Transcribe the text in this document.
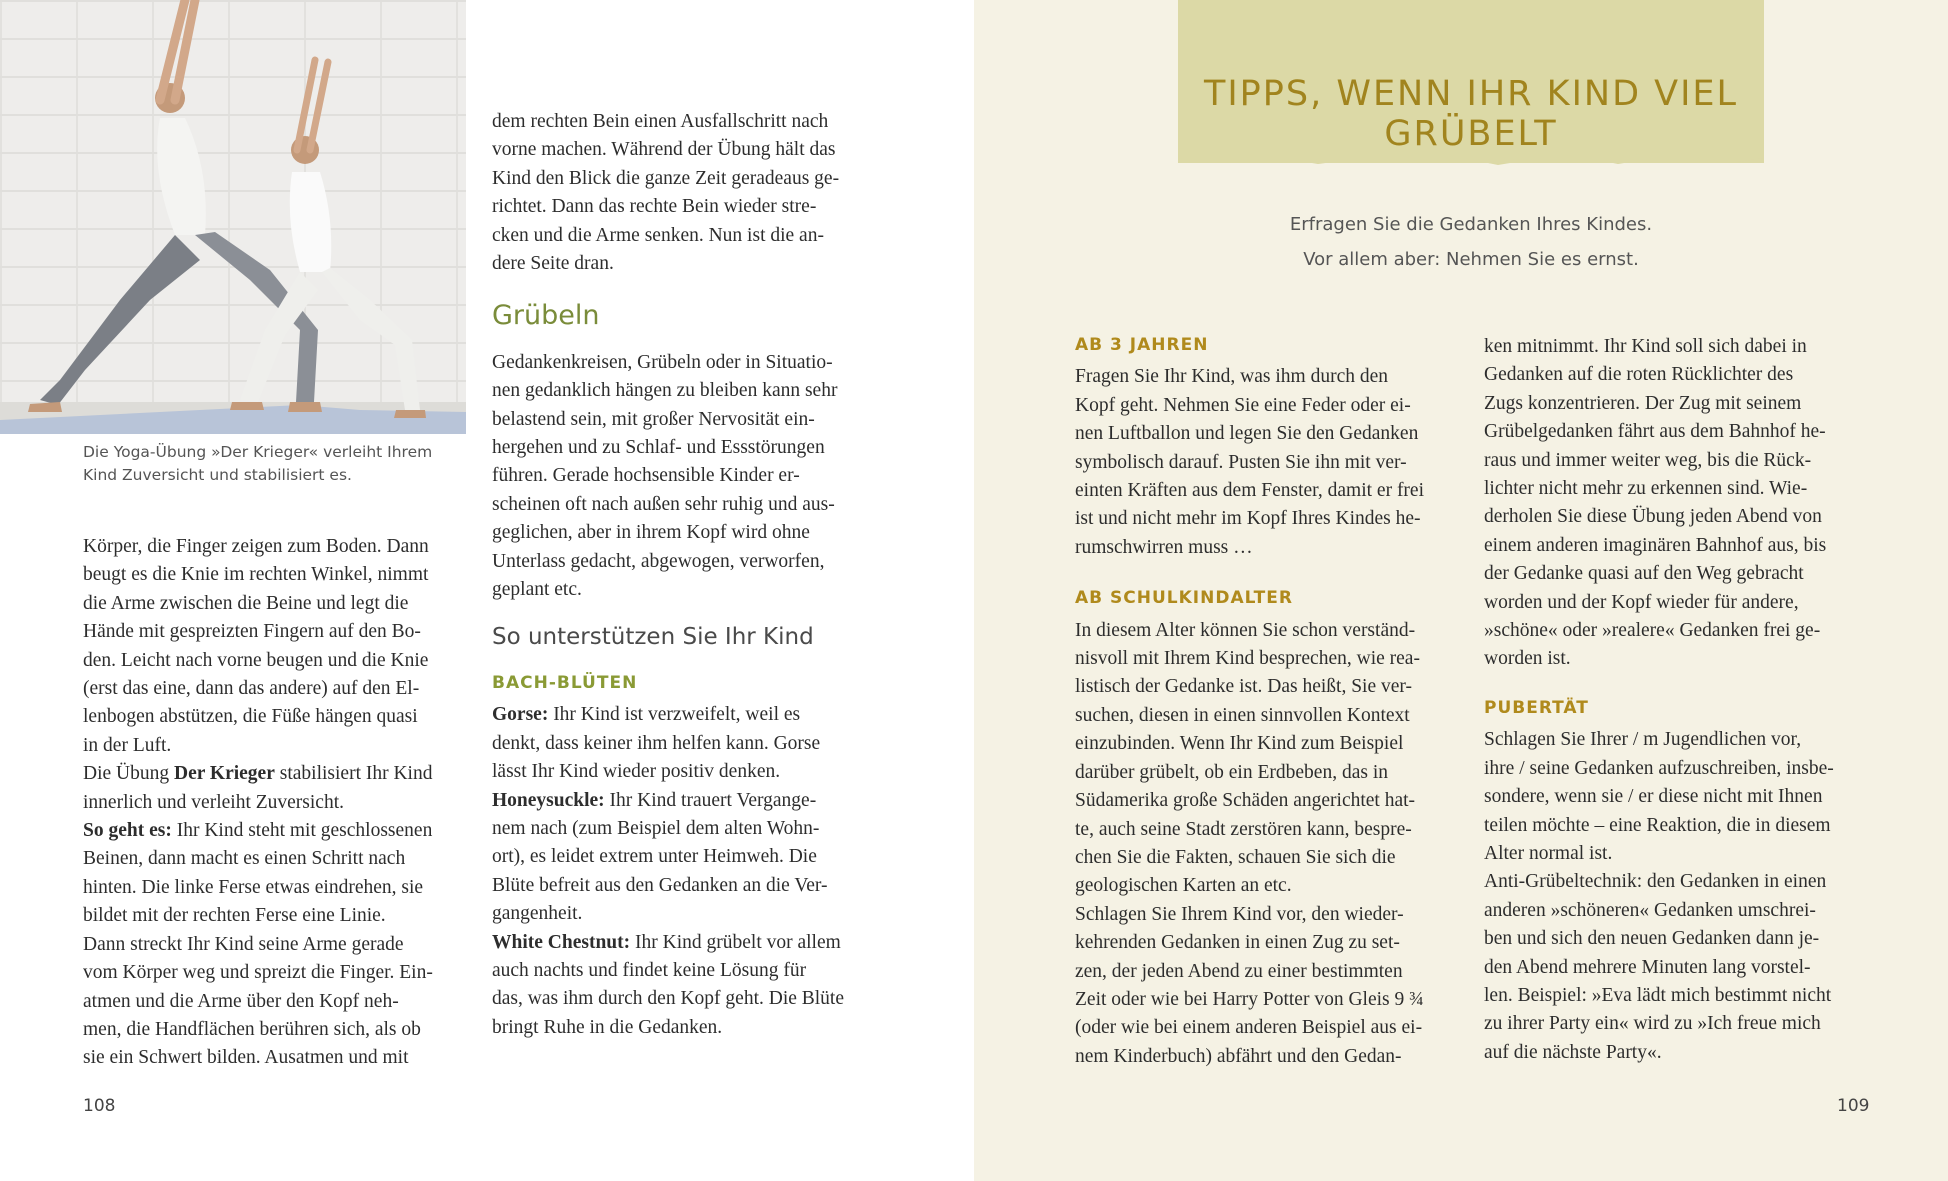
Die Yoga-Übung »Der Krieger« verleiht Ihrem
Kind Zuversicht und stabilisiert es.
Körper, die Finger zeigen zum Boden. Dann
beugt es die Knie im rechten Winkel, nimmt
die Arme zwischen die Beine und legt die
Hände mit gespreizten Fingern auf den Bo-
den. Leicht nach vorne beugen und die Knie
(erst das eine, dann das andere) auf den El-
lenbogen abstützen, die Füße hängen quasi
in der Luft.
Die Übung Der Krieger stabilisiert Ihr Kind
innerlich und verleiht Zuversicht.
So geht es: Ihr Kind steht mit geschlossenen
Beinen, dann macht es einen Schritt nach
hinten. Die linke Ferse etwas eindrehen, sie
bildet mit der rechten Ferse eine Linie.
Dann streckt Ihr Kind seine Arme gerade
vom Körper weg und spreizt die Finger. Ein-
atmen und die Arme über den Kopf neh-
men, die Handflächen berühren sich, als ob
sie ein Schwert bilden. Ausatmen und mit
dem rechten Bein einen Ausfallschritt nach
vorne machen. Während der Übung hält das
Kind den Blick die ganze Zeit geradeaus ge-
richtet. Dann das rechte Bein wieder stre-
cken und die Arme senken. Nun ist die an-
dere Seite dran.
Grübeln
Gedankenkreisen, Grübeln oder in Situatio-
nen gedanklich hängen zu bleiben kann sehr
belastend sein, mit großer Nervosität ein-
hergehen und zu Schlaf- und Essstörungen
führen. Gerade hochsensible Kinder er-
scheinen oft nach außen sehr ruhig und aus-
geglichen, aber in ihrem Kopf wird ohne
Unterlass gedacht, abgewogen, verworfen,
geplant etc.
So unterstützen Sie Ihr Kind
BACH-BLÜTEN
Gorse: Ihr Kind ist verzweifelt, weil es
denkt, dass keiner ihm helfen kann. Gorse
lässt Ihr Kind wieder positiv denken.
Honeysuckle: Ihr Kind trauert Vergange-
nem nach (zum Beispiel dem alten Wohn-
ort), es leidet extrem unter Heimweh. Die
Blüte befreit aus den Gedanken an die Ver-
gangenheit.
White Chestnut: Ihr Kind grübelt vor allem
auch nachts und findet keine Lösung für
das, was ihm durch den Kopf geht. Die Blüte
bringt Ruhe in die Gedanken.
108
TIPPS, WENN IHR KIND VIEL GRÜBELT
Erfragen Sie die Gedanken Ihres Kindes.
Vor allem aber: Nehmen Sie es ernst.
AB 3 JAHREN
Fragen Sie Ihr Kind, was ihm durch den
Kopf geht. Nehmen Sie eine Feder oder ei-
nen Luftballon und legen Sie den Gedanken
symbolisch darauf. Pusten Sie ihn mit ver-
einten Kräften aus dem Fenster, damit er frei
ist und nicht mehr im Kopf Ihres Kindes he-
rumschwirren muss …
AB SCHULKINDALTER
In diesem Alter können Sie schon verständ-
nisvoll mit Ihrem Kind besprechen, wie rea-
listisch der Gedanke ist. Das heißt, Sie ver-
suchen, diesen in einen sinnvollen Kontext
einzubinden. Wenn Ihr Kind zum Beispiel
darüber grübelt, ob ein Erdbeben, das in
Südamerika große Schäden angerichtet hat-
te, auch seine Stadt zerstören kann, bespre-
chen Sie die Fakten, schauen Sie sich die
geologischen Karten an etc.
Schlagen Sie Ihrem Kind vor, den wieder-
kehrenden Gedanken in einen Zug zu set-
zen, der jeden Abend zu einer bestimmten
Zeit oder wie bei Harry Potter von Gleis 9 ¾
(oder wie bei einem anderen Beispiel aus ei-
nem Kinderbuch) abfährt und den Gedan-
ken mitnimmt. Ihr Kind soll sich dabei in
Gedanken auf die roten Rücklichter des
Zugs konzentrieren. Der Zug mit seinem
Grübelgedanken fährt aus dem Bahnhof he-
raus und immer weiter weg, bis die Rück-
lichter nicht mehr zu erkennen sind. Wie-
derholen Sie diese Übung jeden Abend von
einem anderen imaginären Bahnhof aus, bis
der Gedanke quasi auf den Weg gebracht
worden und der Kopf wieder für andere,
»schöne« oder »realere« Gedanken frei ge-
worden ist.
PUBERTÄT
Schlagen Sie Ihrer / m Jugendlichen vor,
ihre / seine Gedanken aufzuschreiben, insbe-
sondere, wenn sie / er diese nicht mit Ihnen
teilen möchte – eine Reaktion, die in diesem
Alter normal ist.
Anti-Grübeltechnik: den Gedanken in einen
anderen »schöneren« Gedanken umschrei-
ben und sich den neuen Gedanken dann je-
den Abend mehrere Minuten lang vorstel-
len. Beispiel: »Eva lädt mich bestimmt nicht
zu ihrer Party ein« wird zu »Ich freue mich
auf die nächste Party«.
109
